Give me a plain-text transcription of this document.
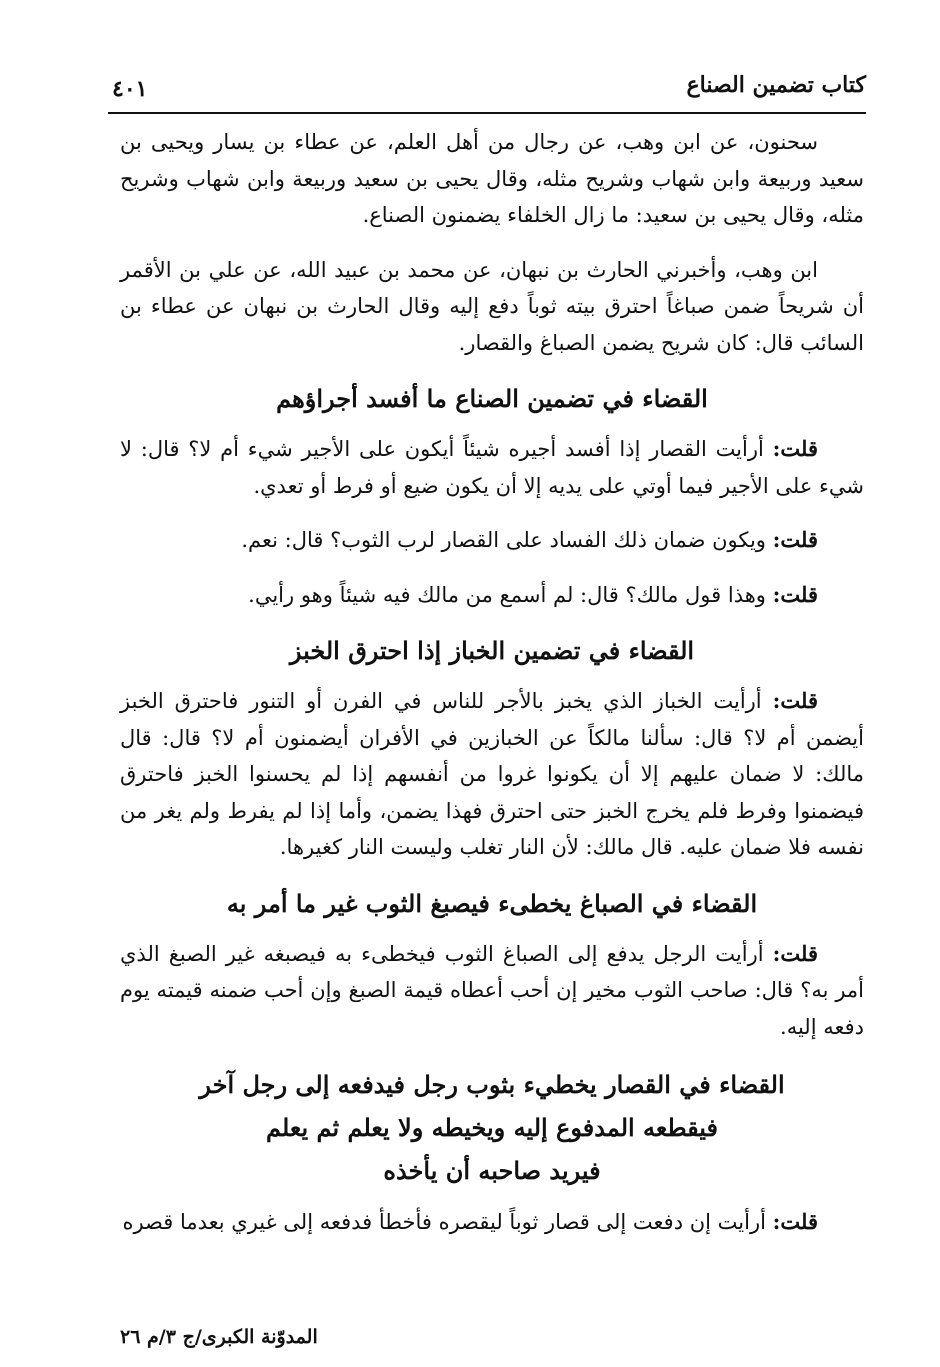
كتاب تضمين الصناع
٤٠١

سحنون، عن ابن وهب، عن رجال من أهل العلم، عن عطاء بن يسار ويحيى بن سعيد وربيعة وابن شهاب وشريح مثله، وقال يحيى بن سعيد وربيعة وابن شهاب وشريح مثله، وقال يحيى بن سعيد: ما زال الخلفاء يضمنون الصناع.

ابن وهب، وأخبرني الحارث بن نبهان، عن محمد بن عبيد الله، عن علي بن الأقمر أن شريحاً ضمن صباغاً احترق بيته ثوباً دفع إليه وقال الحارث بن نبهان عن عطاء بن السائب قال: كان شريح يضمن الصباغ والقصار.

القضاء في تضمين الصناع ما أفسد أجراؤهم

قلت: أرأيت القصار إذا أفسد أجيره شيئاً أيكون على الأجير شيء أم لا؟ قال: لا شيء على الأجير فيما أوتي على يديه إلا أن يكون ضيع أو فرط أو تعدي.

قلت: ويكون ضمان ذلك الفساد على القصار لرب الثوب؟ قال: نعم.

قلت: وهذا قول مالك؟ قال: لم أسمع من مالك فيه شيئاً وهو رأيي.

القضاء في تضمين الخباز إذا احترق الخبز

قلت: أرأيت الخباز الذي يخبز بالأجر للناس في الفرن أو التنور فاحترق الخبز أيضمن أم لا؟ قال: سألنا مالكاً عن الخبازين في الأفران أيضمنون أم لا؟ قال: قال مالك: لا ضمان عليهم إلا أن يكونوا غروا من أنفسهم إذا لم يحسنوا الخبز فاحترق فيضمنوا وفرط فلم يخرج الخبز حتى احترق فهذا يضمن، وأما إذا لم يفرط ولم يغر من نفسه فلا ضمان عليه. قال مالك: لأن النار تغلب وليست النار كغيرها.

القضاء في الصباغ يخطىء فيصبغ الثوب غير ما أمر به

قلت: أرأيت الرجل يدفع إلى الصباغ الثوب فيخطىء به فيصبغه غير الصبغ الذي أمر به؟ قال: صاحب الثوب مخير إن أحب أعطاه قيمة الصبغ وإن أحب ضمنه قيمته يوم دفعه إليه.

القضاء في القصار يخطيء بثوب رجل فيدفعه إلى رجل آخر
فيقطعه المدفوع إليه ويخيطه ولا يعلم ثم يعلم
فيريد صاحبه أن يأخذه

قلت: أرأيت إن دفعت إلى قصار ثوباً ليقصره فأخطأ فدفعه إلى غيري بعدما قصره

المدوّنة الكبرى/ج ٣/م ٢٦
